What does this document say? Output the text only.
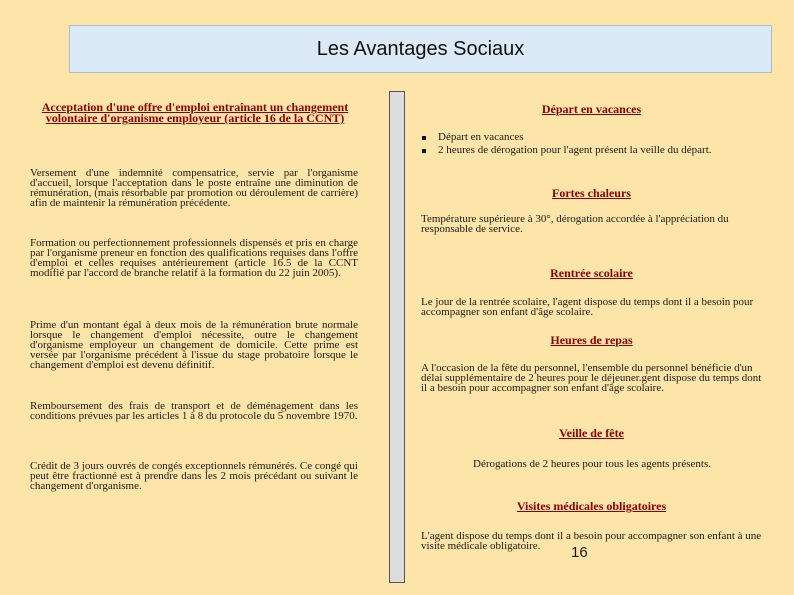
Les Avantages Sociaux
Acceptation d'une offre d'emploi entraînant un changement volontaire d'organisme employeur (article 16 de la CCNT)

Versement d'une indemnité compensatrice, servie par l'organisme d'accueil, lorsque l'acceptation dans le poste entraîne une diminution de rémunération, (mais résorbable par promotion ou déroulement de carrière) afin de maintenir la rémunération précédente.

Formation ou perfectionnement professionnels dispensés et pris en charge par l'organisme preneur en fonction des qualifications requises dans l'offre d'emploi et celles requises antérieurement (article 16.5 de la CCNT modifié par l'accord de branche relatif à la formation du 22 juin 2005).

Prime d'un montant égal à deux mois de la rémunération brute normale lorsque le changement d'emploi nécessite, outre le changement d'organisme employeur un changement de domicile. Cette prime est versée par l'organisme précédent à l'issue du stage probatoire lorsque le changement d'emploi est devenu définitif.

Remboursement des frais de transport et de déménagement dans les conditions prévues par les articles 1 à 8 du protocole du 5 novembre 1970.

Crédit de 3 jours ouvrés de congés exceptionnels rémunérés. Ce congé qui peut être fractionné est à prendre dans les 2 mois précédant ou suivant le changement d'organisme.

Départ en vacances
Départ en vacances
2 heures de dérogation pour l'agent présent la veille du départ.
Fortes chaleurs

Température supérieure à 30°, dérogation accordée à l'appréciation du responsable de service.

Rentrée scolaire

Le jour de la rentrée scolaire, l'agent dispose du temps dont il a besoin pour accompagner son enfant d'âge scolaire.

Heures de repas

A l'occasion de la fête du personnel, l'ensemble du personnel bénéficie d'un délai supplémentaire de 2 heures pour le déjeuner.gent dispose du temps dont il a besoin pour accompagner son enfant d'âge scolaire.

Veille de fête

Dérogations de 2 heures pour tous les agents présents.

Visites médicales obligatoires

L'agent dispose du temps dont il a besoin pour accompagner son enfant à une visite médicale obligatoire.	16
